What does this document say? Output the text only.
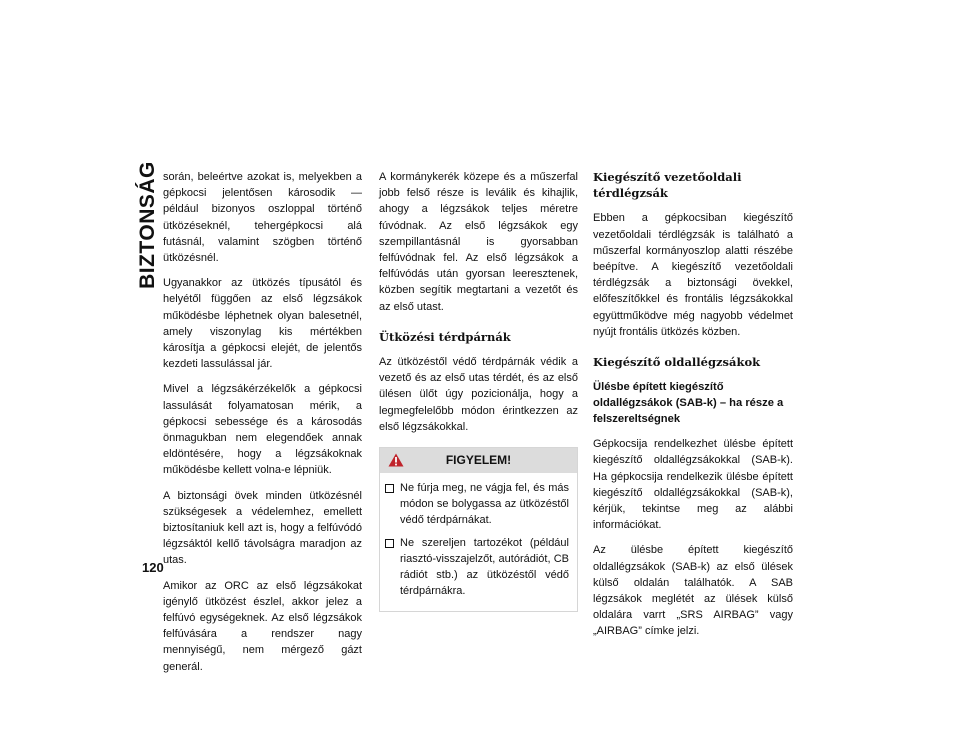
BIZTONSÁG
120

során, beleértve azokat is, melyekben a gépkocsi jelentősen károsodik — például bizonyos oszloppal történő ütközéseknél, tehergépkocsi alá futásnál, valamint szögben történő ütközésnél.

Ugyanakkor az ütközés típusától és helyétől függően az első légzsákok működésbe léphetnek olyan balesetnél, amely viszonylag kis mértékben károsítja a gépkocsi elejét, de jelentős kezdeti lassulással jár.

Mivel a légzsákérzékelők a gépkocsi lassulását folyamatosan mérik, a gépkocsi sebessége és a károsodás önmagukban nem elegendőek annak eldöntésére, hogy a légzsákoknak működésbe kellett volna-e lépniük.

A biztonsági övek minden ütközésnél szükségesek a védelemhez, emellett biztosítaniuk kell azt is, hogy a felfúvódó légzsáktól kellő távolságra maradjon az utas.

Amikor az ORC az első légzsákokat igénylő ütközést észlel, akkor jelez a felfúvó egységeknek. Az első légzsákok felfúvására a rendszer nagy mennyiségű, nem mérgező gázt generál.

A kormánykerék közepe és a műszerfal jobb felső része is leválik és kihajlik, ahogy a légzsákok teljes méretre fúvódnak. Az első légzsákok egy szempillantásnál is gyorsabban felfúvódnak fel. Az első légzsákok a felfúvódás után gyorsan leeresztenek, közben segítik megtartani a vezetőt és az első utast.

Ütközési térdpárnák

Az ütközéstől védő térdpárnák védik a vezető és az első utas térdét, és az első ülésen ülőt úgy pozicionálja, hogy a legmegfelelőbb módon érintkezzen az első légzsákokkal.

FIGYELEM!
Ne fúrja meg, ne vágja fel, és más módon se bolygassa az ütközéstől védő térdpárnákat.
Ne szereljen tartozékot (például riasztó-visszajelzőt, autórádiót, CB rádiót stb.) az ütközéstől védő térdpárnákra.
Kiegészítő vezetőoldali térdlégzsák

Ebben a gépkocsiban kiegészítő vezetőoldali térdlégzsák is található a műszerfal kormányoszlop alatti részébe beépítve. A kiegészítő vezetőoldali térdlégzsák a biztonsági övekkel, előfeszítőkkel és frontális légzsákokkal együttműködve még nagyobb védelmet nyújt frontális ütközés közben.

Kiegészítő oldallégzsákok
Ülésbe épített kiegészítő oldallégzsákok (SAB-k) – ha része a felszereltségnek

Gépkocsija rendelkezhet ülésbe épített kiegészítő oldallégzsákokkal (SAB-k). Ha gépkocsija rendelkezik ülésbe épített kiegészítő oldallégzsákokkal (SAB-k), kérjük, tekintse meg az alábbi információkat.

Az ülésbe épített kiegészítő oldallégzsákok (SAB-k) az első ülések külső oldalán találhatók. A SAB légzsákok meglétét az ülések külső oldalára varrt „SRS AIRBAG” vagy „AIRBAG” címke jelzi.
